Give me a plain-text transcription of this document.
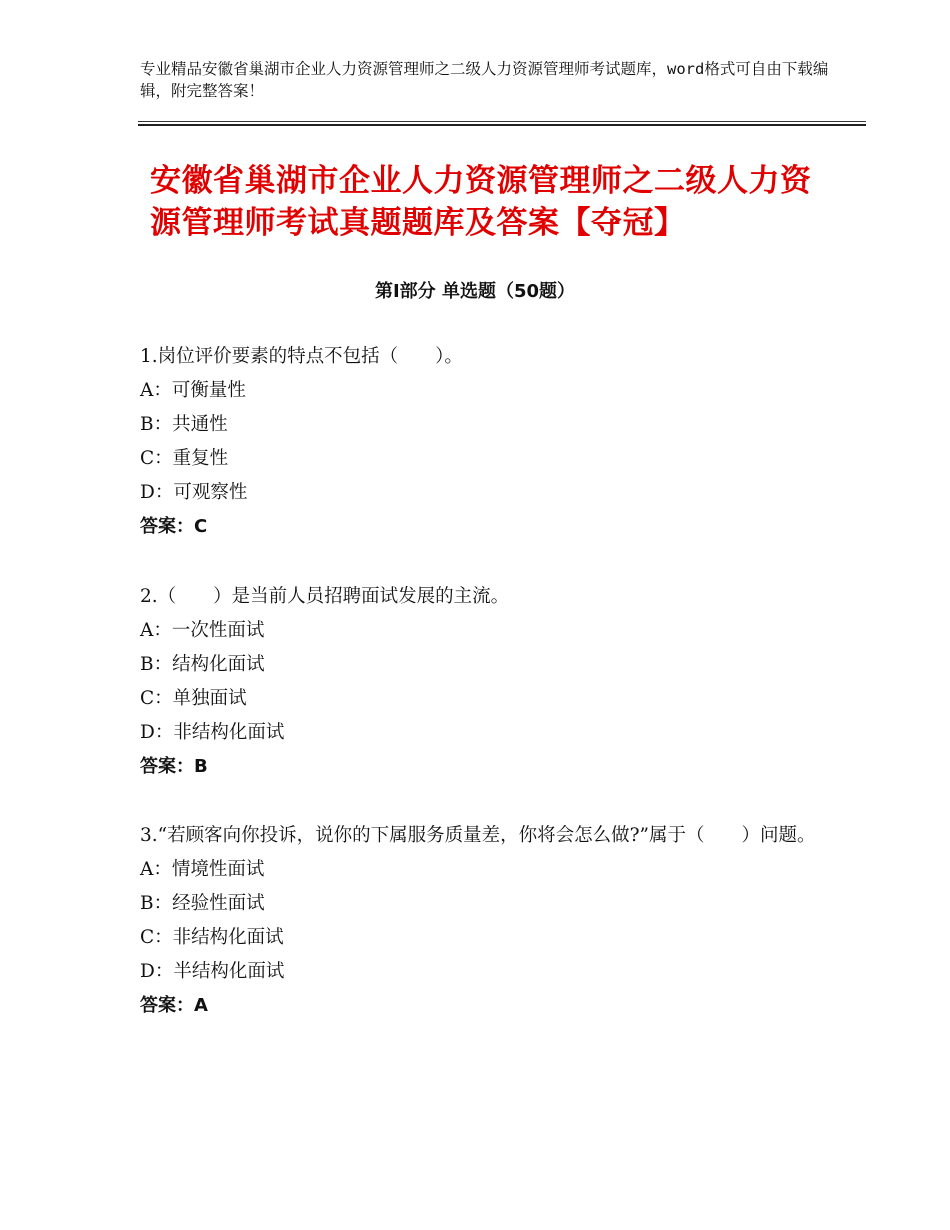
专业精品安徽省巢湖市企业人力资源管理师之二级人力资源管理师考试题库，word格式可自由下载编辑，附完整答案！
安徽省巢湖市企业人力资源管理师之二级人力资源管理师考试真题题库及答案【夺冠】
第Ⅰ部分 单选题（50题）
1.岗位评价要素的特点不包括（　　）。
A：可衡量性
B：共通性
C：重复性
D：可观察性
答案：C
2.（　　）是当前人员招聘面试发展的主流。
A：一次性面试
B：结构化面试
C：单独面试
D：非结构化面试
答案：B
3.“若顾客向你投诉，说你的下属服务质量差，你将会怎么做?”属于（　　）问题。
A：情境性面试
B：经验性面试
C：非结构化面试
D：半结构化面试
答案：A
